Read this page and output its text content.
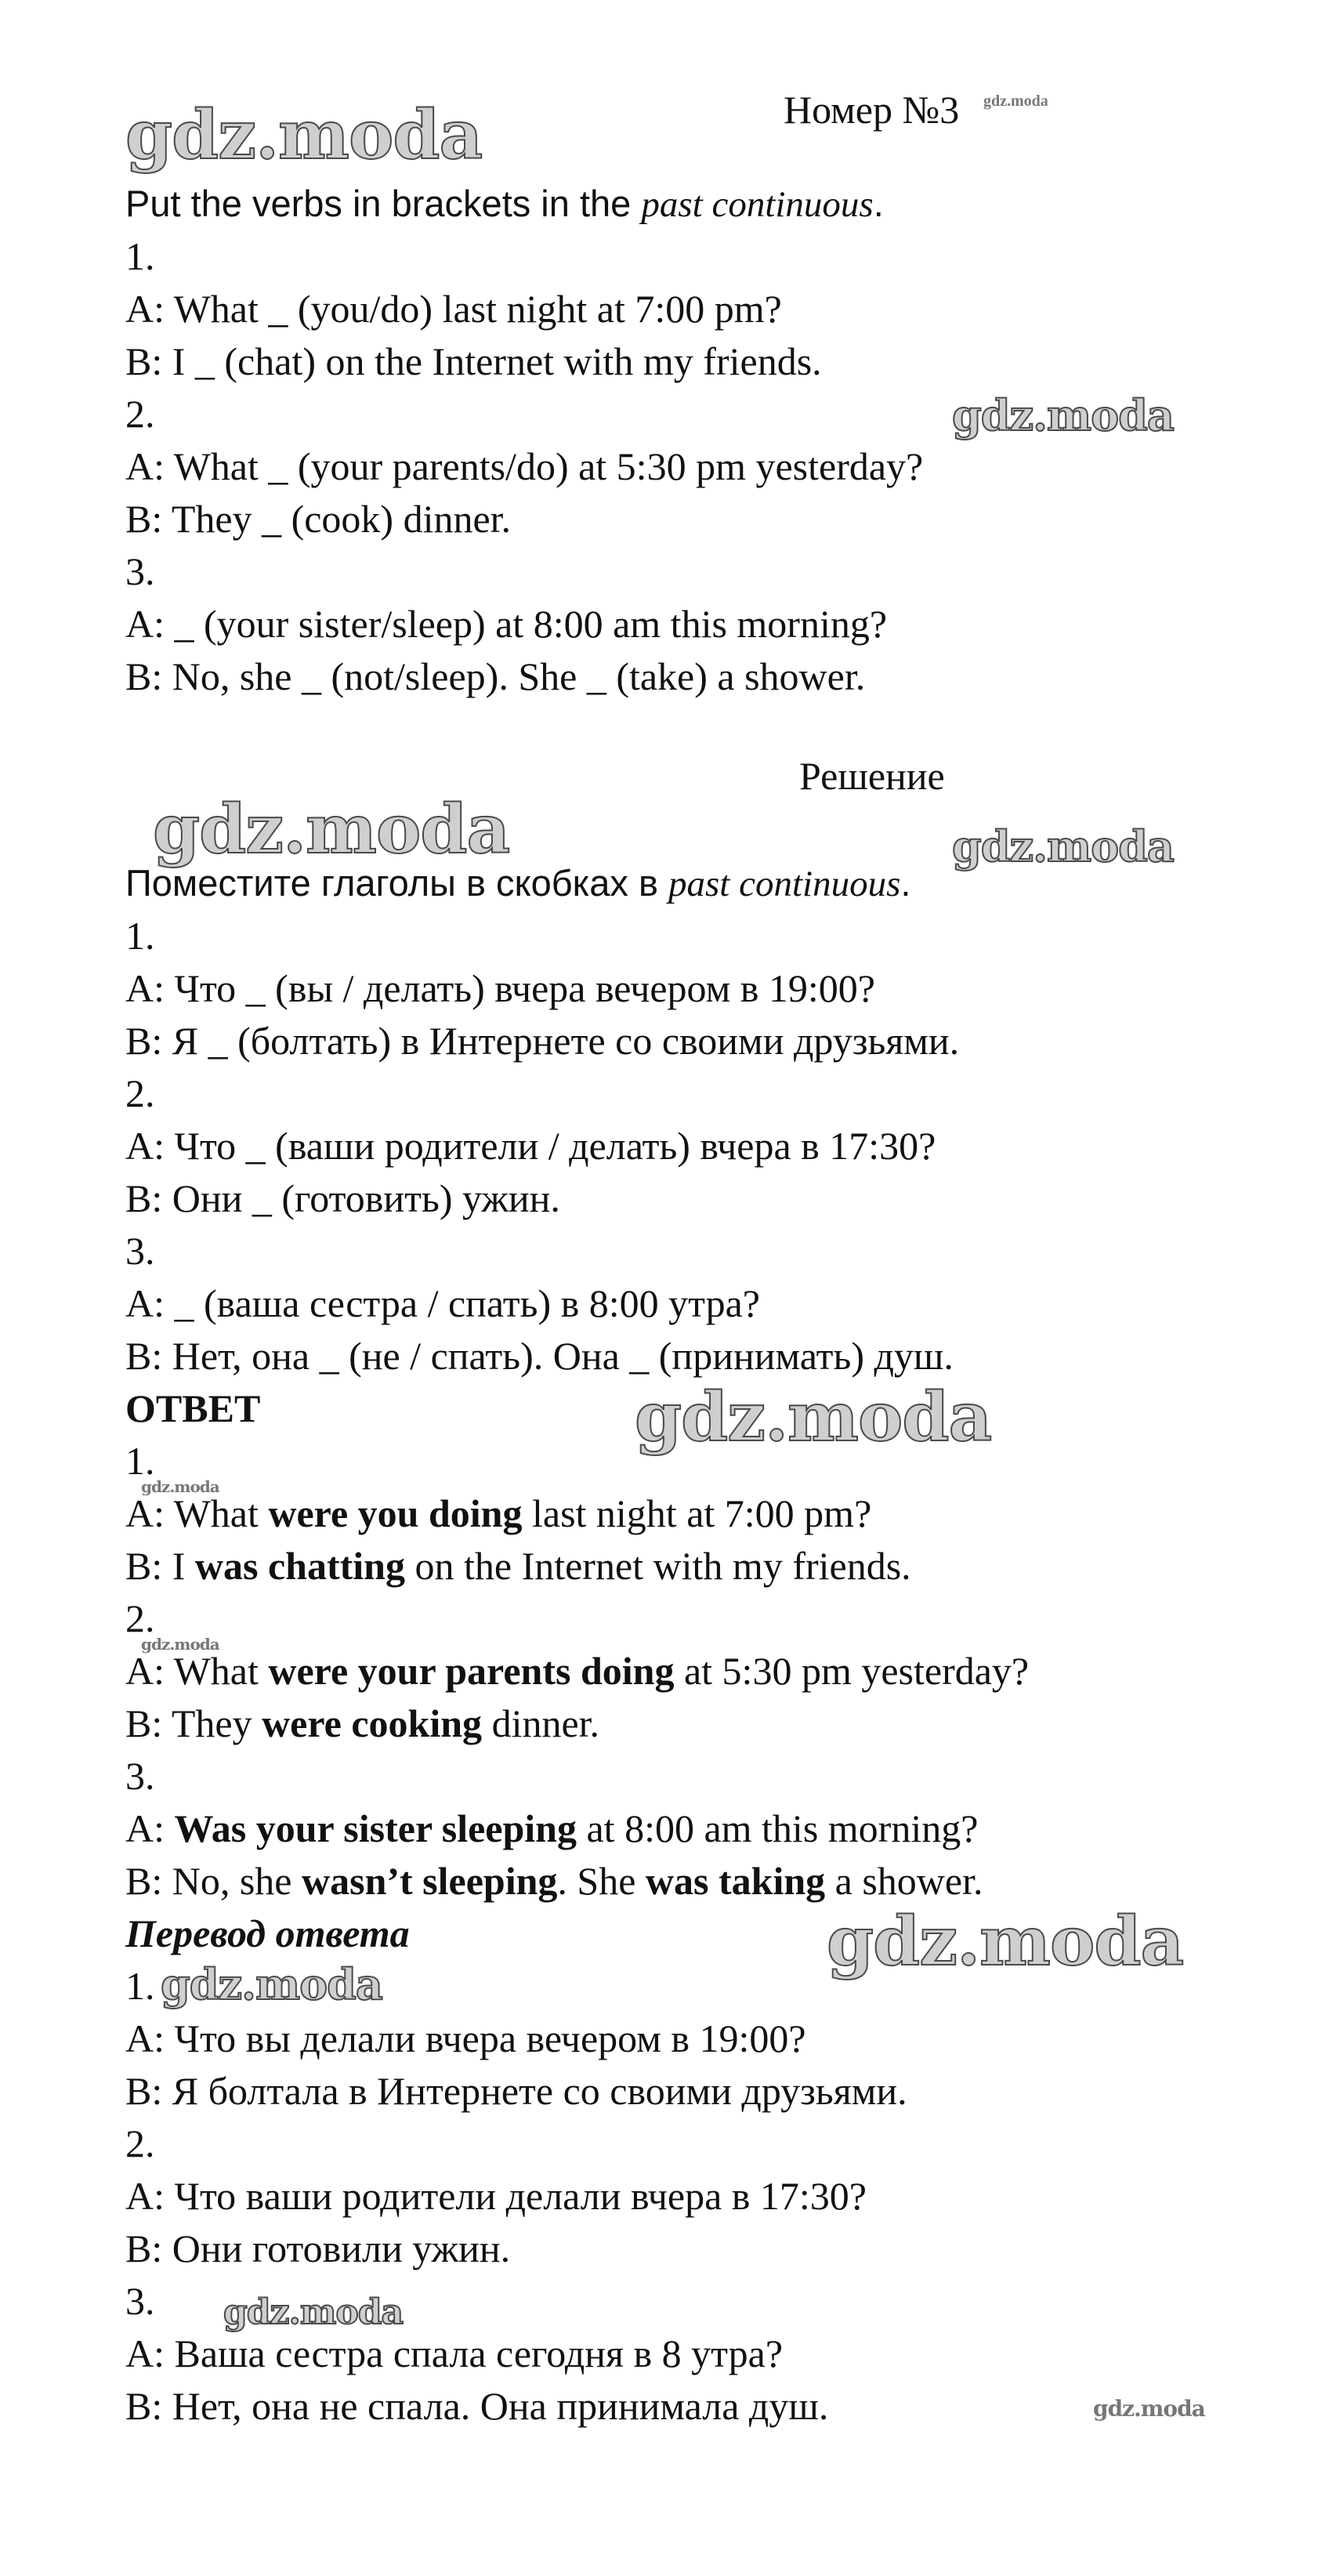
Номер №3 gdz.moda
gdz.moda
Put the verbs in brackets in the past continuous.
1.
A: What _ (you/do) last night at 7:00 pm?
B: I _ (chat) on the Internet with my friends.
2.	gdz.moda
A: What _ (your parents/do) at 5:30 pm yesterday?
B: They _ (cook) dinner.
3.
A: _ (your sister/sleep) at 8:00 am this morning?
B: No, she _ (not/sleep). She _ (take) a shower.
Решение
gdz.moda	gdz.moda
Поместите глаголы в скобках в past continuous.
1.
A: Что _ (вы / делать) вчера вечером в 19:00?
B: Я _ (болтать) в Интернете со своими друзьями.
2.
A: Что _ (ваши родители / делать) вчера в 17:30?
B: Они _ (готовить) ужин.
3.
A: _ (ваша сестра / спать) в 8:00 утра?
B: Нет, она _ (не / спать). Она _ (принимать) душ.
ОТВЕТ	gdz.moda
1.
gdz.moda
A: What were you doing last night at 7:00 pm?
B: I was chatting on the Internet with my friends.
2.
gdz.moda
A: What were your parents doing at 5:30 pm yesterday?
B: They were cooking dinner.
3.
A: Was your sister sleeping at 8:00 am this morning?
B: No, she wasn’t sleeping. She was taking a shower.
Перевод ответа	gdz.moda
1. gdz.moda
A: Что вы делали вчера вечером в 19:00?
B: Я болтала в Интернете со своими друзьями.
2.
A: Что ваши родители делали вчера в 17:30?
B: Они готовили ужин.
3. gdz.moda
A: Ваша сестра спала сегодня в 8 утра?
B: Нет, она не спала. Она принимала душ.	gdz.moda
